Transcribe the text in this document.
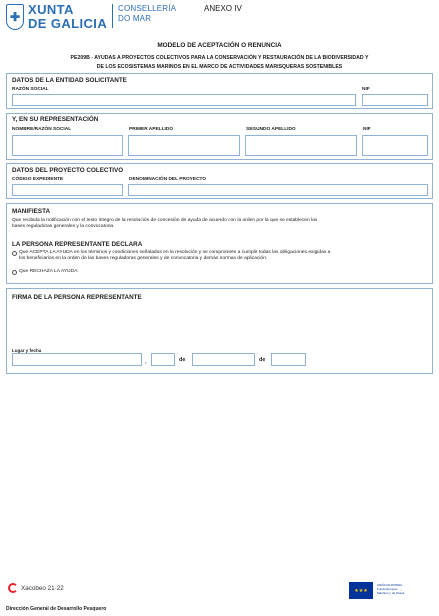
✚ XUNTA
DE GALICIA
CONSELLERÍA
DO MAR
ANEXO IV
MODELO DE ACEPTACIÓN O RENUNCIA
PE209B - AYUDAS A PROYECTOS COLECTIVOS PARA LA CONSERVACIÓN Y RESTAURACIÓN DE LA BIODIVERSIDAD Y
DE LOS ECOSISTEMAS MARINOS EN EL MARCO DE ACTIVIDADES MARISQUERAS SOSTENIBLES
DATOS DE LA ENTIDAD SOLICITANTE
RAZÓN SOCIAL	NIF
Y, EN SU REPRESENTACIÓN
NOMBRE/RAZÓN SOCIAL	PRIMER APELLIDO	SEGUNDO APELLIDO	NIF
DATOS DEL PROYECTO COLECTIVO
CÓDIGO EXPEDIENTE	DENOMINACIÓN DEL PROYECTO
MANIFIESTA
Que recibida la notificación con el texto íntegro de la resolución de concesión de ayuda de acuerdo con la orden por la que se establecen las
bases reguladoras generales y la convocatoria.
LA PERSONA REPRESENTANTE DECLARA
Que ACEPTA LA AYUDA en los términos y condiciones señalados en la resolución y se compromete a cumplir todas las obligaciones exigidas a
los beneficiarios en la orden de las bases reguladoras generales y de convocatoria y demás normas de aplicación.
Que RECHAZA LA AYUDA.
FIRMA DE LA PERSONA REPRESENTANTE
Lugar y fecha
,	de	de
Xacobeo 21·22	★★★
UNIÓN EUROPEA
Fondo Europeo
Marítimo y de Pesca
Dirección General de Desarrollo Pesquero
